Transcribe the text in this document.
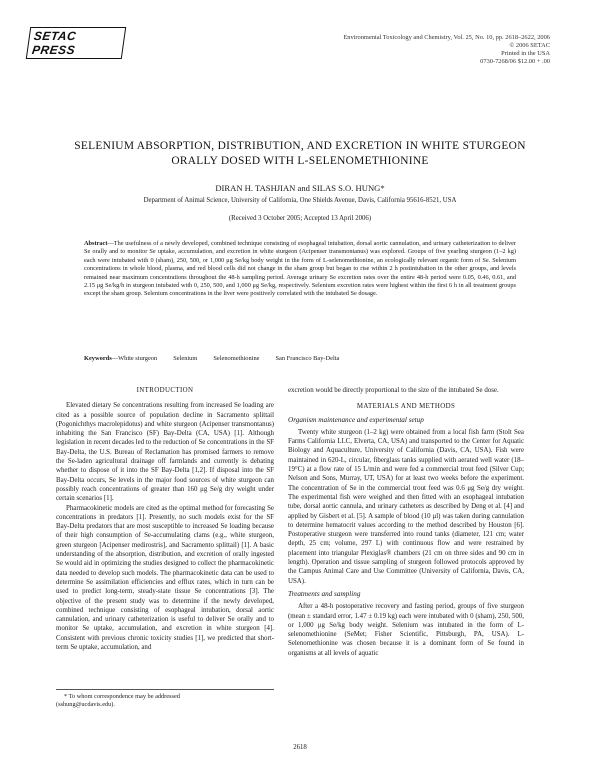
SETAC PRESS
Environmental Toxicology and Chemistry, Vol. 25, No. 10, pp. 2618–2622, 2006
© 2006 SETAC
Printed in the USA
0730-7268/06 $12.00 + .00
SELENIUM ABSORPTION, DISTRIBUTION, AND EXCRETION IN WHITE STURGEON
ORALLY DOSED WITH L-SELENOMETHIONINE
DIRAN H. TASHJIAN and SILAS S.O. HUNG*
Department of Animal Science, University of California, One Shields Avenue, Davis, California 95616-8521, USA
(Received 3 October 2005; Accepted 13 April 2006)
Abstract—The usefulness of a newly developed, combined technique consisting of esophageal intubation, dorsal aortic cannulation, and urinary catheterization to deliver Se orally and to monitor Se uptake, accumulation, and excretion in white sturgeon (Acipenser transmontanus) was explored. Groups of five yearling sturgeon (1–2 kg) each were intubated with 0 (sham), 250, 500, or 1,000 μg Se/kg body weight in the form of L-selenomethionine, an ecologically relevant organic form of Se. Selenium concentrations in whole blood, plasma, and red blood cells did not change in the sham group but began to rise within 2 h postintubation in the other groups, and levels remained near maximum concentrations throughout the 48-h sampling period. Average urinary Se excretion rates over the entire 48-h period were 0.05, 0.46, 0.61, and 2.15 μg Se/kg/h in sturgeon intubated with 0, 250, 500, and 1,000 μg Se/kg, respectively. Selenium excretion rates were highest within the first 6 h in all treatment groups except the sham group. Selenium concentrations in the liver were positively correlated with the intubated Se dosage.
Keywords—White sturgeon	Selenium	Selenomethionine	San Francisco Bay-Delta
INTRODUCTION

Elevated dietary Se concentrations resulting from increased Se loading are cited as a possible source of population decline in Sacramento splittail (Pogonichthys macrolepidotus) and white sturgeon (Acipenser transmontanus) inhabiting the San Francisco (SF) Bay-Delta (CA, USA) [1]. Although legislation in recent decades led to the reduction of Se concentrations in the SF Bay-Delta, the U.S. Bureau of Reclamation has promised farmers to remove the Se-laden agricultural drainage off farmlands and currently is debating whether to dispose of it into the SF Bay-Delta [1,2]. If disposal into the SF Bay-Delta occurs, Se levels in the major food sources of white sturgeon can possibly reach concentrations of greater than 160 μg Se/g dry weight under certain scenarios [1].

Pharmacokinetic models are cited as the optimal method for forecasting Se concentrations in predators [1]. Presently, no such models exist for the SF Bay-Delta predators that are most susceptible to increased Se loading because of their high consumption of Se-accumulating clams (e.g., white sturgeon, green sturgeon [Acipenser medirostris], and Sacramento splittail) [1]. A basic understanding of the absorption, distribution, and excretion of orally ingested Se would aid in optimizing the studies designed to collect the pharmacokinetic data needed to develop such models. The pharmacokinetic data can be used to determine Se assimilation efficiencies and efflux rates, which in turn can be used to predict long-term, steady-state tissue Se concentrations [3]. The objective of the present study was to determine if the newly developed, combined technique consisting of esophageal intubation, dorsal aortic cannulation, and urinary catheterization is useful to deliver Se orally and to monitor Se uptake, accumulation, and excretion in white sturgeon [4]. Consistent with previous chronic toxicity studies [1], we predicted that short-term Se uptake, accumulation, and

* To whom correspondence may be addressed
(sshung@ucdavis.edu).

excretion would be directly proportional to the size of the intubated Se dose.

MATERIALS AND METHODS
Organism maintenance and experimental setup

Twenty white sturgeon (1–2 kg) were obtained from a local fish farm (Stolt Sea Farms California LLC, Elverta, CA, USA) and transported to the Center for Aquatic Biology and Aquaculture, University of California (Davis, CA, USA). Fish were maintained in 620-L, circular, fiberglass tanks supplied with aerated well water (18–19°C) at a flow rate of 15 L/min and were fed a commercial trout feed (Silver Cup; Nelson and Sons, Murray, UT, USA) for at least two weeks before the experiment. The concentration of Se in the commercial trout feed was 0.6 μg Se/g dry weight. The experimental fish were weighed and then fitted with an esophageal intubation tube, dorsal aortic cannula, and urinary catheters as described by Deng et al. [4] and applied by Gisbert et al. [5]. A sample of blood (10 μl) was taken during cannulation to determine hematocrit values according to the method described by Houston [6]. Postoperative sturgeon were transferred into round tanks (diameter, 121 cm; water depth, 25 cm; volume, 297 L) with continuous flow and were restrained by placement into triangular Plexiglas® chambers (21 cm on three sides and 90 cm in length). Operation and tissue sampling of sturgeon followed protocols approved by the Campus Animal Care and Use Committee (University of California, Davis, CA, USA).

Treatments and sampling

After a 48-h postoperative recovery and fasting period, groups of five sturgeon (mean ± standard error, 1.47 ± 0.19 kg) each were intubated with 0 (sham), 250, 500, or 1,000 μg Se/kg body weight. Selenium was intubated in the form of L-selenomethionine (SeMet; Fisher Scientific, Pittsburgh, PA, USA). L-Selenomethionine was chosen because it is a dominant form of Se found in organisms at all levels of aquatic

2618
